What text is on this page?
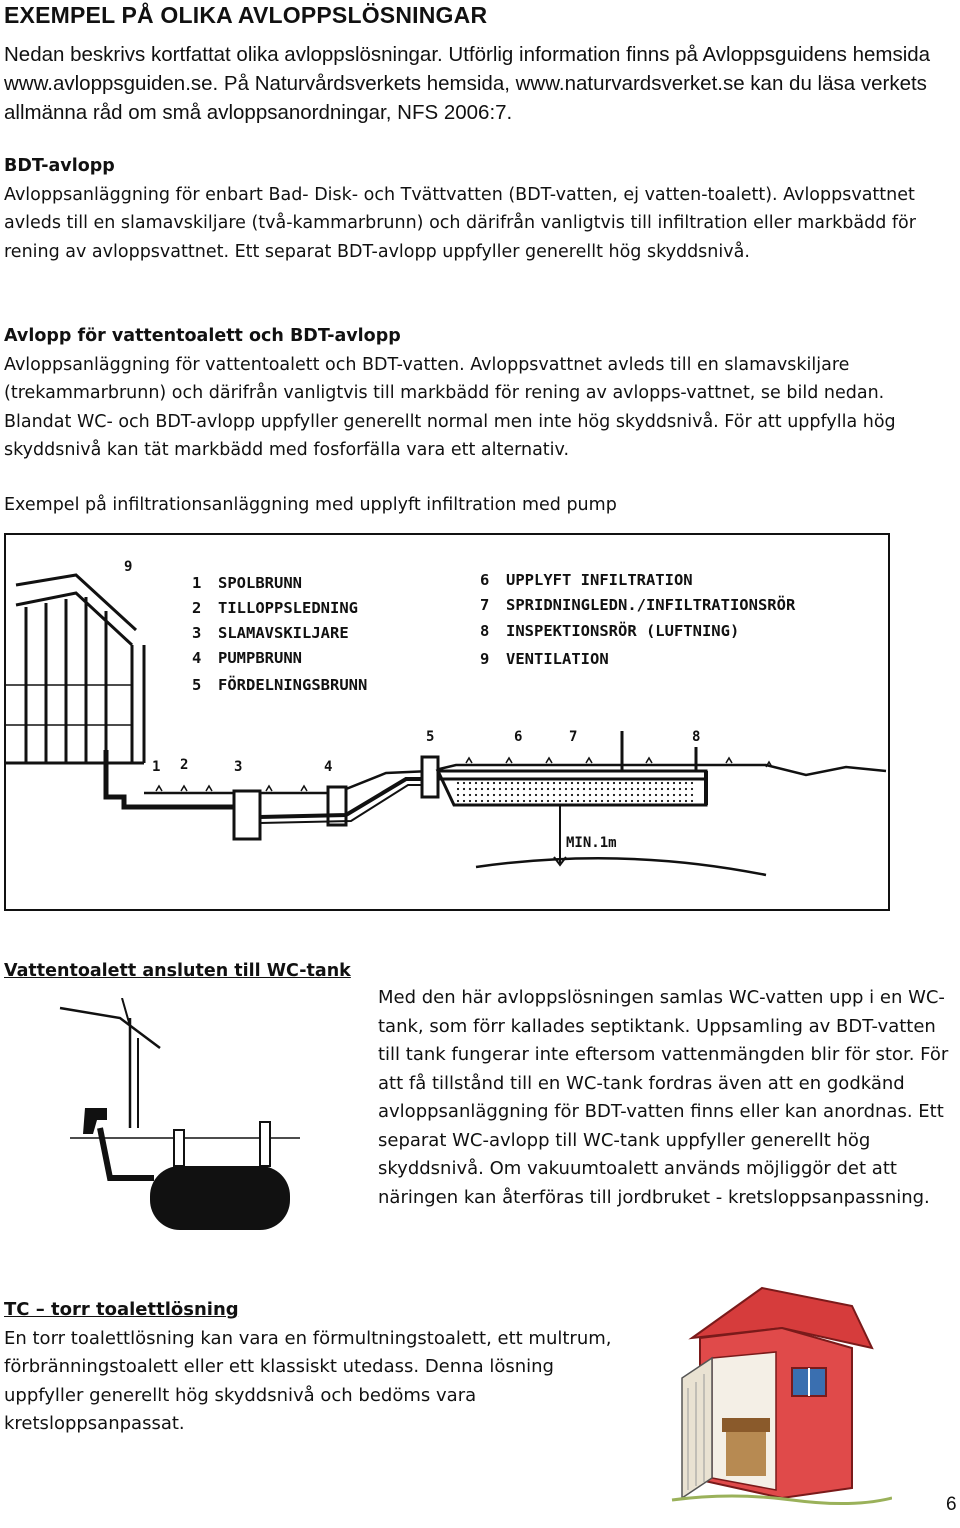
EXEMPEL PÅ OLIKA AVLOPPSLÖSNINGAR
Nedan beskrivs kortfattat olika avloppslösningar. Utförlig information finns på Avloppsguidens hemsida www.avloppsguiden.se. På Naturvårdsverkets hemsida, www.naturvardsverket.se kan du läsa verkets allmänna råd om små avloppsanordningar, NFS 2006:7.
BDT-avlopp
Avloppsanläggning för enbart Bad- Disk- och Tvättvatten (BDT-vatten, ej vatten-toalett). Avloppsvattnet avleds till en slamavskiljare (två-kammarbrunn) och därifrån vanligtvis till infiltration eller markbädd för rening av avloppsvattnet. Ett separat BDT-avlopp uppfyller generellt hög skyddsnivå.
Avlopp för vattentoalett och BDT-avlopp
Avloppsanläggning för vattentoalett och BDT-vatten. Avloppsvattnet avleds till en slamavskiljare (trekammarbrunn) och därifrån vanligtvis till markbädd för rening av avlopps-vattnet, se bild nedan. Blandat WC- och BDT-avlopp uppfyller generellt normal men inte hög skyddsnivå. För att uppfylla hög skyddsnivå kan tät markbädd med fosforfälla vara ett alternativ.
Exempel på infiltrationsanläggning med upplyft infiltration med pump
1 SPOLBRUNN
2 TILLOPPSLEDNING
3 SLAMAVSKILJARE
4 PUMPBRUNN
5 FÖRDELNINGSBRUNN
6 UPPLYFT INFILTRATION
7 SPRIDNINGLEDN./INFILTRATIONSRÖR
8 INSPEKTIONSRÖR (LUFTNING)
9 VENTILATION
9
1 2	3	4
5	6	7	8
MIN.1m
Vattentoalett ansluten till WC-tank
Med den här avloppslösningen samlas WC-vatten upp i en WC-tank, som förr kallades septiktank. Uppsamling av BDT-vatten till tank fungerar inte eftersom vattenmängden blir för stor. För att få tillstånd till en WC-tank fordras även att en godkänd avloppsanläggning för BDT-vatten finns eller kan anordnas. Ett separat WC-avlopp till WC-tank uppfyller generellt hög skyddsnivå. Om vakuumtoalett används möjliggör det att näringen kan återföras till jordbruket - kretsloppsanpassning.
TC – torr toalettlösning
En torr toalettlösning kan vara en förmultningstoalett, ett multrum, förbränningstoalett eller ett klassiskt utedass. Denna lösning uppfyller generellt hög skyddsnivå och bedöms vara kretsloppsanpassat.
6
